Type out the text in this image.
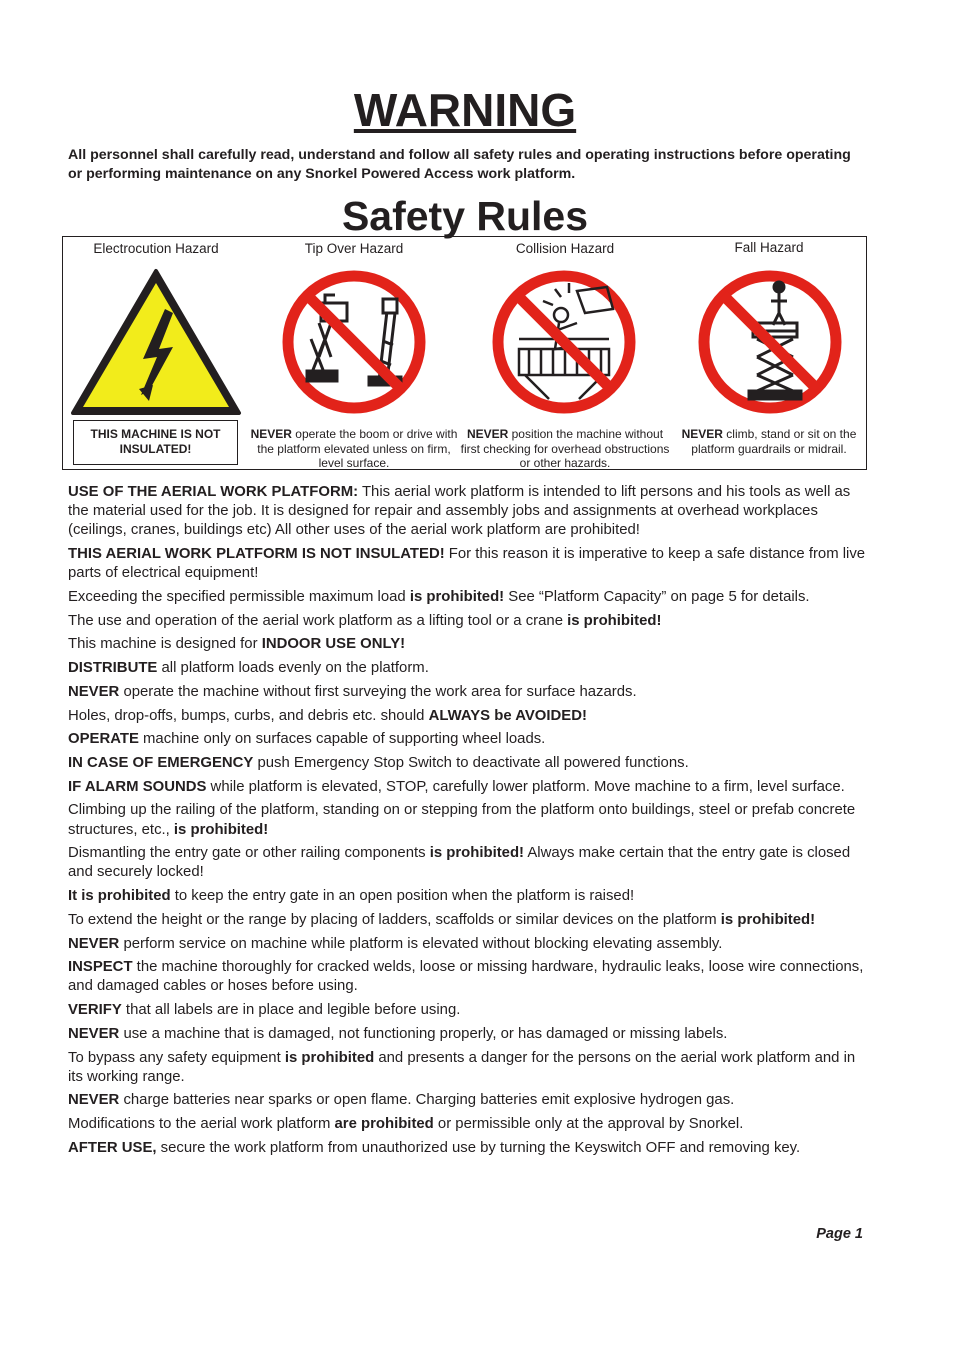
WARNING
All personnel shall carefully read, understand and follow all safety rules and operating instructions before operating or performing maintenance on any Snorkel Powered Access work platform.
Safety Rules
Electrocution Hazard
THIS MACHINE IS NOT INSULATED!
Tip Over Hazard
NEVER operate the boom or drive with the platform elevated unless on firm, level surface.
Collision Hazard
NEVER position the machine without first checking for overhead obstructions or other hazards.
Fall Hazard
NEVER climb, stand or sit on the platform guardrails or midrail.

USE OF THE AERIAL WORK PLATFORM: This aerial work platform is intended to lift persons and his tools as well as the material used for the job. It is designed for repair and assembly jobs and assignments at overhead workplaces (ceilings, cranes, buildings etc) All other uses of the aerial work platform are prohibited!

THIS AERIAL WORK PLATFORM IS NOT INSULATED! For this reason it is imperative to keep a safe distance from live parts of electrical equipment!

Exceeding the specified permissible maximum load is prohibited! See “Platform Capacity” on page 5 for details.

The use and operation of the aerial work platform as a lifting tool or a crane is prohibited!

This machine is designed for INDOOR USE ONLY!

DISTRIBUTE all platform loads evenly on the platform.

NEVER operate the machine without first surveying the work area for surface hazards.

Holes, drop-offs, bumps, curbs, and debris etc. should ALWAYS be AVOIDED!

OPERATE machine only on surfaces capable of supporting wheel loads.

IN CASE OF EMERGENCY push Emergency Stop Switch to deactivate all powered functions.

IF ALARM SOUNDS while platform is elevated, STOP, carefully lower platform. Move machine to a firm, level surface.

Climbing up the railing of the platform, standing on or stepping from the platform onto buildings, steel or prefab concrete structures, etc., is prohibited!

Dismantling the entry gate or other railing components is prohibited! Always make certain that the entry gate is closed and securely locked!

It is prohibited to keep the entry gate in an open position when the platform is raised!

To extend the height or the range by placing of ladders, scaffolds or similar devices on the platform is prohibited!

NEVER perform service on machine while platform is elevated without blocking elevating assembly.

INSPECT the machine thoroughly for cracked welds, loose or missing hardware, hydraulic leaks, loose wire connections, and damaged cables or hoses before using.

VERIFY that all labels are in place and legible before using.

NEVER use a machine that is damaged, not functioning properly, or has damaged or missing labels.

To bypass any safety equipment is prohibited and presents a danger for the persons on the aerial work platform and in its working range.

NEVER charge batteries near sparks or open flame. Charging batteries emit explosive hydrogen gas.

Modifications to the aerial work platform are prohibited or permissible only at the approval by Snorkel.

AFTER USE, secure the work platform from unauthorized use by turning the Keyswitch OFF and removing key.

Page 1
